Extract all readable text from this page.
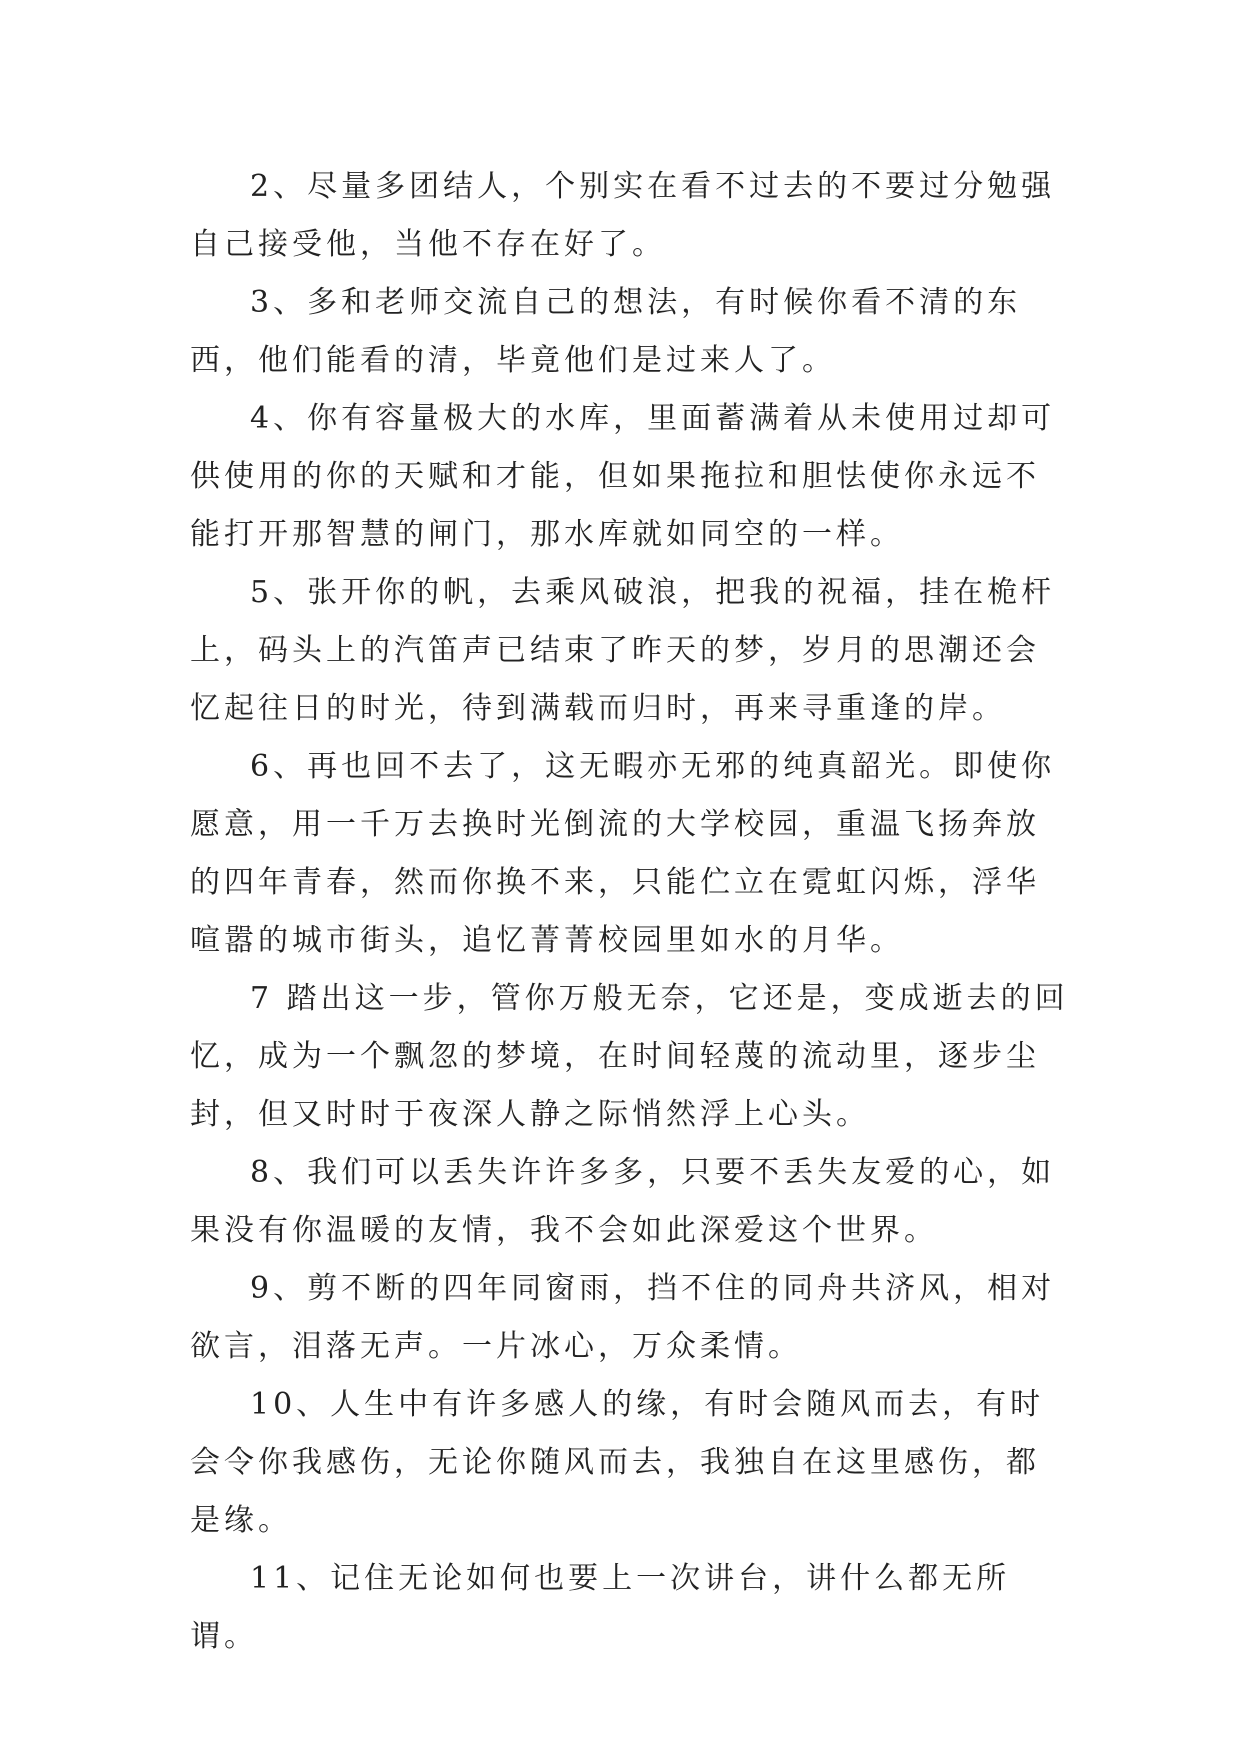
2、尽量多团结人，个别实在看不过去的不要过分勉强自己接受他，当他不存在好了。

3、多和老师交流自己的想法，有时候你看不清的东西，他们能看的清，毕竟他们是过来人了。

4、你有容量极大的水库，里面蓄满着从未使用过却可供使用的你的天赋和才能，但如果拖拉和胆怯使你永远不能打开那智慧的闸门，那水库就如同空的一样。

5、张开你的帆，去乘风破浪，把我的祝福，挂在桅杆上，码头上的汽笛声已结束了昨天的梦，岁月的思潮还会忆起往日的时光，待到满载而归时，再来寻重逢的岸。

6、再也回不去了，这无暇亦无邪的纯真韶光。即使你愿意，用一千万去换时光倒流的大学校园，重温飞扬奔放的四年青春，然而你换不来，只能伫立在霓虹闪烁，浮华喧嚣的城市街头，追忆菁菁校园里如水的月华。

7 踏出这一步，管你万般无奈，它还是，变成逝去的回忆，成为一个飘忽的梦境，在时间轻蔑的流动里，逐步尘封，但又时时于夜深人静之际悄然浮上心头。

8、我们可以丢失许许多多，只要不丢失友爱的心，如果没有你温暖的友情，我不会如此深爱这个世界。

9、剪不断的四年同窗雨，挡不住的同舟共济风，相对欲言，泪落无声。一片冰心，万众柔情。

10、人生中有许多感人的缘，有时会随风而去，有时会令你我感伤，无论你随风而去，我独自在这里感伤，都是缘。

11、记住无论如何也要上一次讲台，讲什么都无所谓。
